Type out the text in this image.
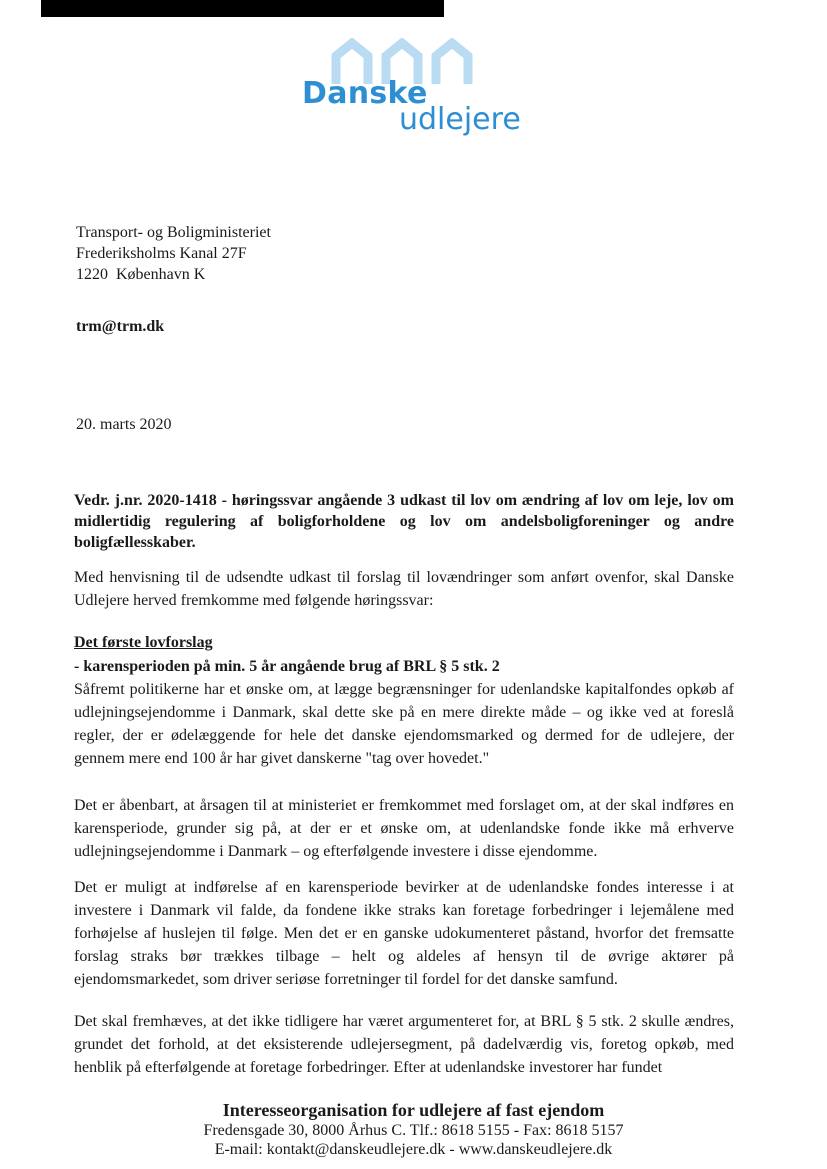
Danske
udlejere
Transport- og Boligministeriet
Frederiksholms Kanal 27F
1220  København K
trm@trm.dk
20. marts 2020

Vedr. j.nr. 2020-1418 - høringssvar angående 3 udkast til lov om ændring af lov om leje, lov om midlertidig regulering af boligforholdene og lov om andelsboligforeninger og andre boligfællesskaber.

Med henvisning til de udsendte udkast til forslag til lovændringer som anført ovenfor, skal Danske Udlejere herved fremkomme med følgende høringssvar:

Det første lovforslag
- karensperioden på min. 5 år angående brug af BRL § 5 stk. 2

Såfremt politikerne har et ønske om, at lægge begrænsninger for udenlandske kapitalfondes opkøb af udlejningsejendomme i Danmark, skal dette ske på en mere direkte måde – og ikke ved at foreslå regler, der er ødelæggende for hele det danske ejendomsmarked og dermed for de udlejere, der gennem mere end 100 år har givet danskerne "tag over hovedet."

Det er åbenbart, at årsagen til at ministeriet er fremkommet med forslaget om, at der skal indføres en karensperiode, grunder sig på, at der er et ønske om, at udenlandske fonde ikke må erhverve udlejningsejendomme i Danmark – og efterfølgende investere i disse ejendomme.

Det er muligt at indførelse af en karensperiode bevirker at de udenlandske fondes interesse i at investere i Danmark vil falde, da fondene ikke straks kan foretage forbedringer i lejemålene med forhøjelse af huslejen til følge. Men det er en ganske udokumenteret påstand, hvorfor det fremsatte forslag straks bør trækkes tilbage – helt og aldeles af hensyn til de øvrige aktører på ejendomsmarkedet, som driver seriøse forretninger til fordel for det danske samfund.

Det skal fremhæves, at det ikke tidligere har været argumenteret for, at BRL § 5 stk. 2 skulle ændres, grundet det forhold, at det eksisterende udlejersegment, på dadelværdig vis, foretog opkøb, med henblik på efterfølgende at foretage forbedringer. Efter at udenlandske investorer har fundet

Interesseorganisation for udlejere af fast ejendom
Fredensgade 30, 8000 Århus C. Tlf.: 8618 5155 - Fax: 8618 5157
E-mail: kontakt@danskeudlejere.dk - www.danskeudlejere.dk
